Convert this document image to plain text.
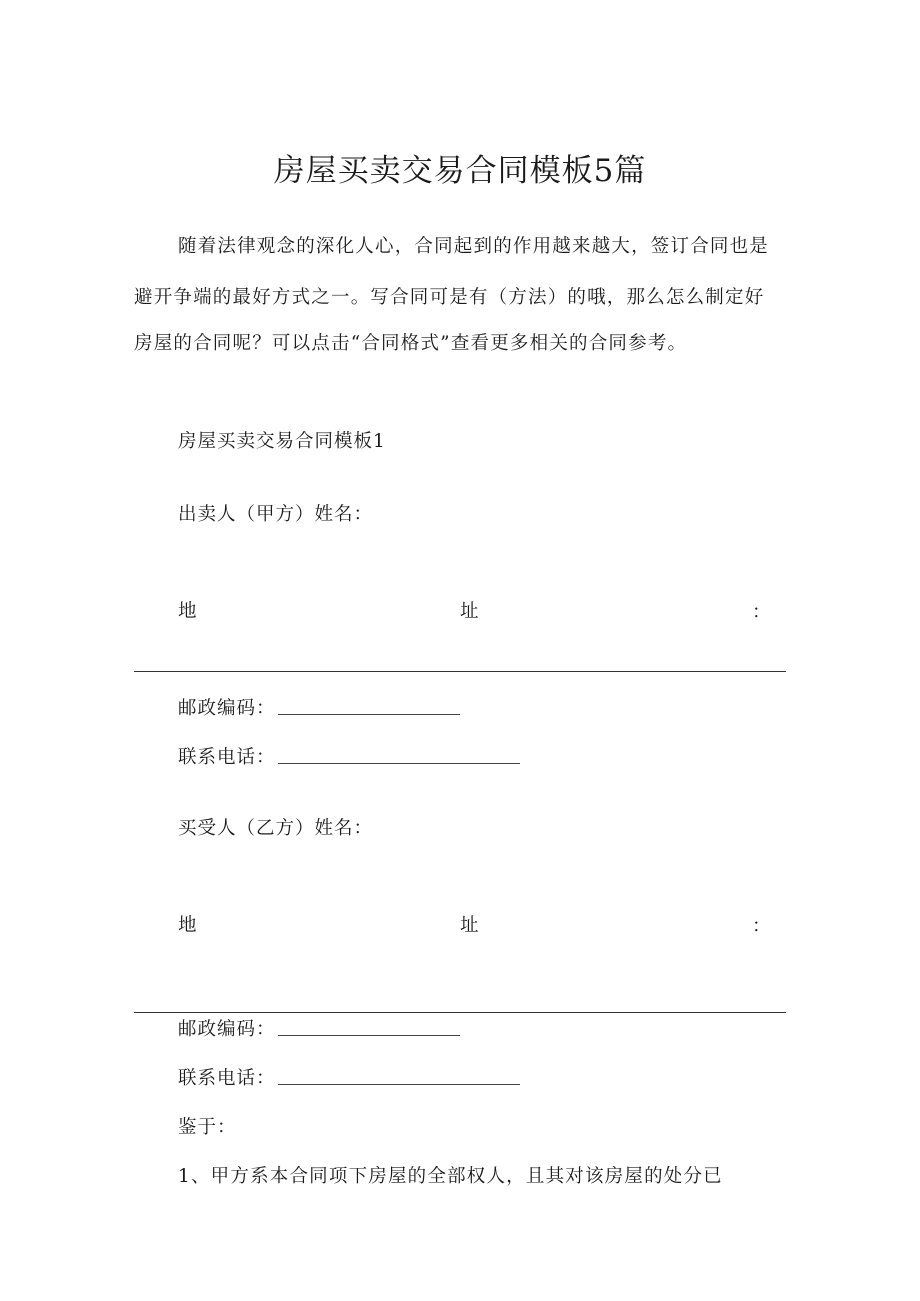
房屋买卖交易合同模板5篇
随着法律观念的深化人心，合同起到的作用越来越大，签订合同也是
避开争端的最好方式之一。写合同可是有（方法）的哦，那么怎么制定好
房屋的合同呢？可以点击“合同格式”查看更多相关的合同参考。
房屋买卖交易合同模板1
出卖人（甲方）姓名：
地	址	：
邮政编码：
联系电话：
买受人（乙方）姓名：
地	址	：
邮政编码：
联系电话：
鉴于：
1、甲方系本合同项下房屋的全部权人，且其对该房屋的处分已
